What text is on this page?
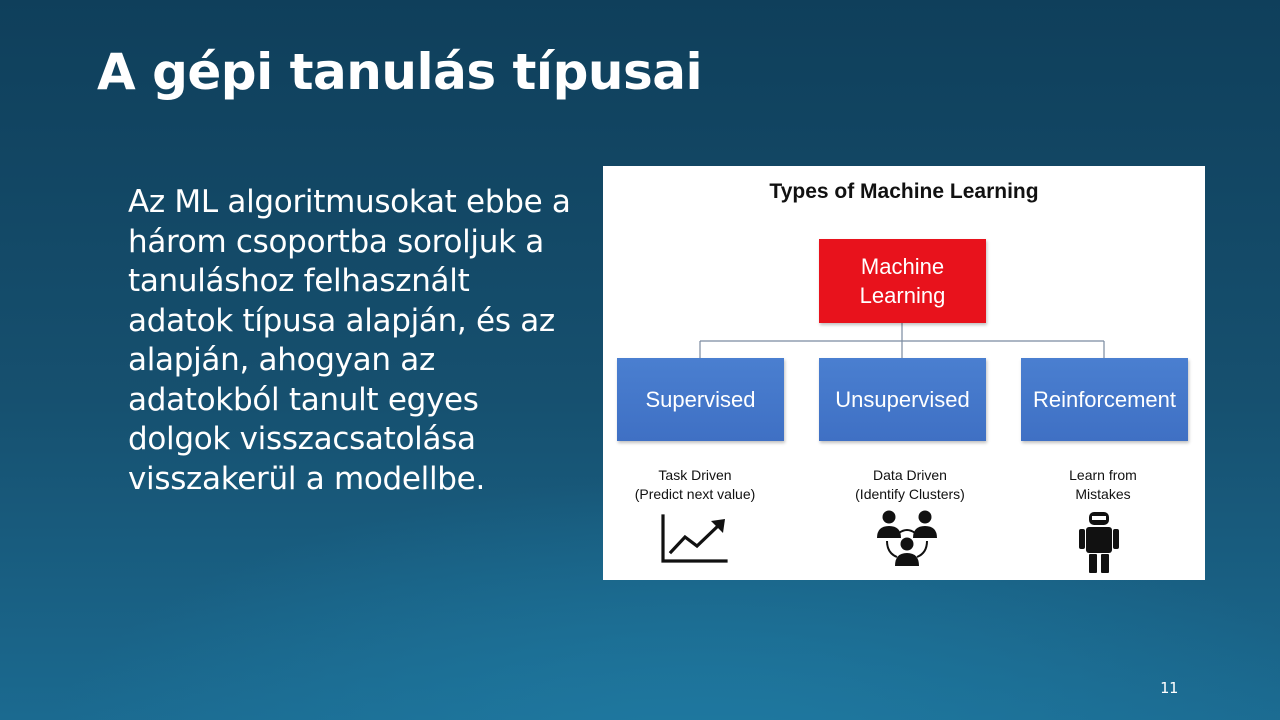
A gépi tanulás típusai

Az ML algoritmusokat ebbe a három csoportba soroljuk a tanuláshoz felhasznált adatok típusa alapján, és az alapján, ahogyan az adatokból tanult egyes dolgok visszacsatolása visszakerül a modellbe.

Types of Machine Learning
Machine
Learning
Supervised	Unsupervised	Reinforcement
Task Driven
(Predict next value)
Data Driven
(Identify Clusters)
Learn from
Mistakes
11
